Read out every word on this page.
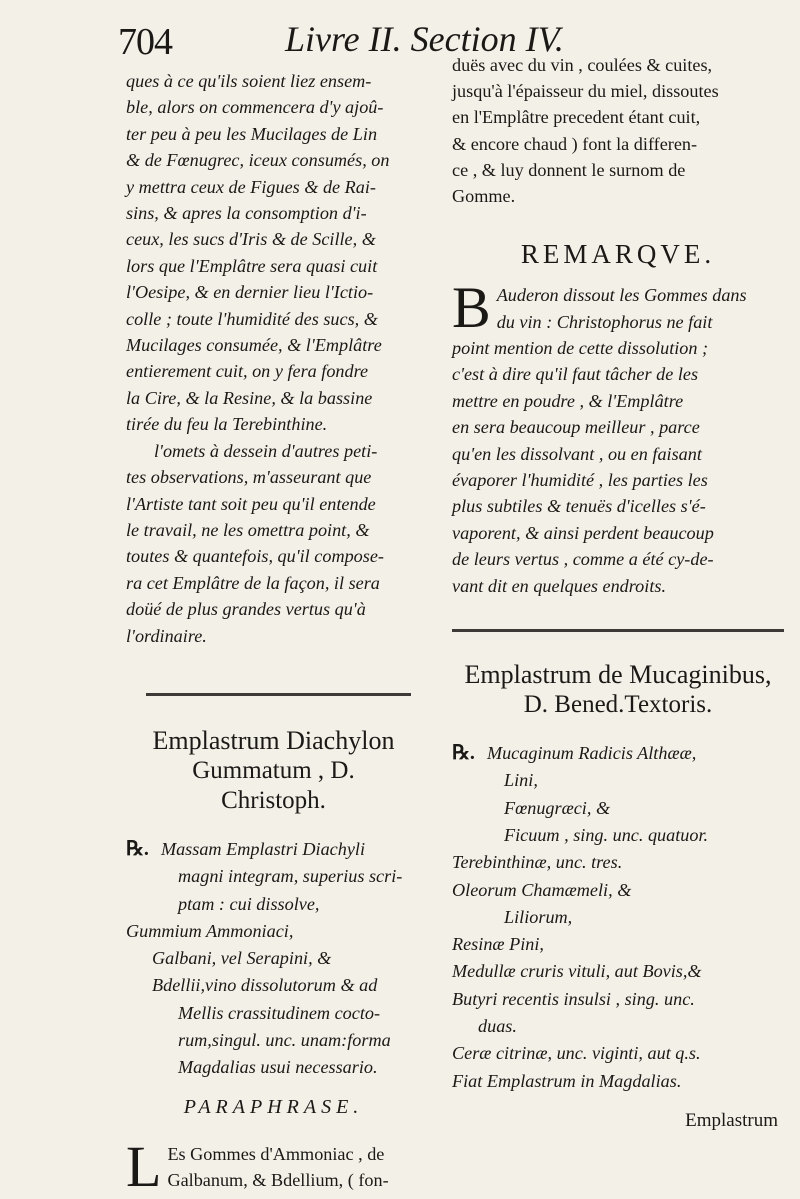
704	Livre II. Section IV.
ques à ce qu'ils soient liez ensem-
ble, alors on commencera d'y ajoû-
ter peu à peu les Mucilages de Lin
& de Fœnugrec, iceux consumés, on
y mettra ceux de Figues & de Rai-
sins, & apres la consomption d'i-
ceux, les sucs d'Iris & de Scille, &
lors que l'Emplâtre sera quasi cuit
l'Oesipe, & en dernier lieu l'Ictio-
colle ; toute l'humidité des sucs, &
Mucilages consumée, & l'Emplâtre
entierement cuit, on y fera fondre
la Cire, & la Resine, & la bassine
tirée du feu la Terebinthine.
l'omets à dessein d'autres peti-
tes observations, m'asseurant que
l'Artiste tant soit peu qu'il entende
le travail, ne les omettra point, &
toutes & quantefois, qu'il compose-
ra cet Emplâtre de la façon, il sera
doüé de plus grandes vertus qu'à
l'ordinaire.
Emplastrum Diachylon
Gummatum , D.
Christoph.
℞. Massam Emplastri Diachyli
magni integram, superius scri-
ptam : cui dissolve,
Gummium Ammoniaci,
Galbani, vel Serapini, &
Bdellii,vino dissolutorum & ad
Mellis crassitudinem cocto-
rum,singul. unc. unam:forma
Magdalias usui necessario.
PARAPHRASE.
L Es Gommes d'Ammoniac , de
Galbanum, & Bdellium, ( fon-
duës avec du vin , coulées & cuites,
jusqu'à l'épaisseur du miel, dissoutes
en l'Emplâtre precedent étant cuit,
& encore chaud ) font la differen-
ce , & luy donnent le surnom de
Gomme.
REMARQVE.
B Auderon dissout les Gommes dans
du vin : Christophorus ne fait
point mention de cette dissolution ;
c'est à dire qu'il faut tâcher de les
mettre en poudre , & l'Emplâtre
en sera beaucoup meilleur , parce
qu'en les dissolvant , ou en faisant
évaporer l'humidité , les parties les
plus subtiles & tenuës d'icelles s'é-
vaporent, & ainsi perdent beaucoup
de leurs vertus , comme a été cy-de-
vant dit en quelques endroits.
Emplastrum de Mucaginibus,
D. Bened.Textoris.
℞. Mucaginum Radicis Althææ,
Lini,
Fœnugræci, &
Ficuum , sing. unc. quatuor.
Terebinthinæ, unc. tres.
Oleorum Chamæmeli, &
Liliorum,
Resinæ Pini,
Medullæ cruris vituli, aut Bovis,&
Butyri recentis insulsi , sing. unc.
duas.
Ceræ citrinæ, unc. viginti, aut q.s.
Fiat Emplastrum in Magdalias.
Emplastrum
